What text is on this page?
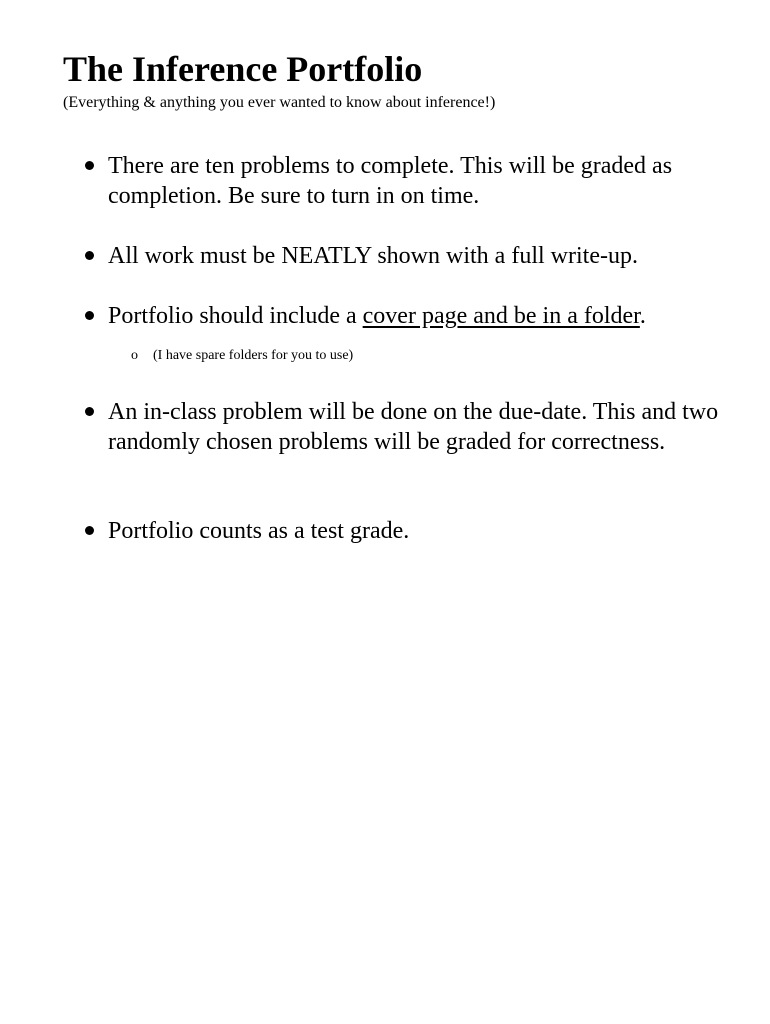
The Inference Portfolio

(Everything & anything you ever wanted to know about inference!)

There are ten problems to complete. This will be graded as completion. Be sure to turn in on time.
All work must be NEATLY shown with a full write-up.
Portfolio should include a cover page and be in a folder.
An in-class problem will be done on the due-date. This and two randomly chosen problems will be graded for correctness.
Portfolio counts as a test grade.
o (I have spare folders for you to use)
